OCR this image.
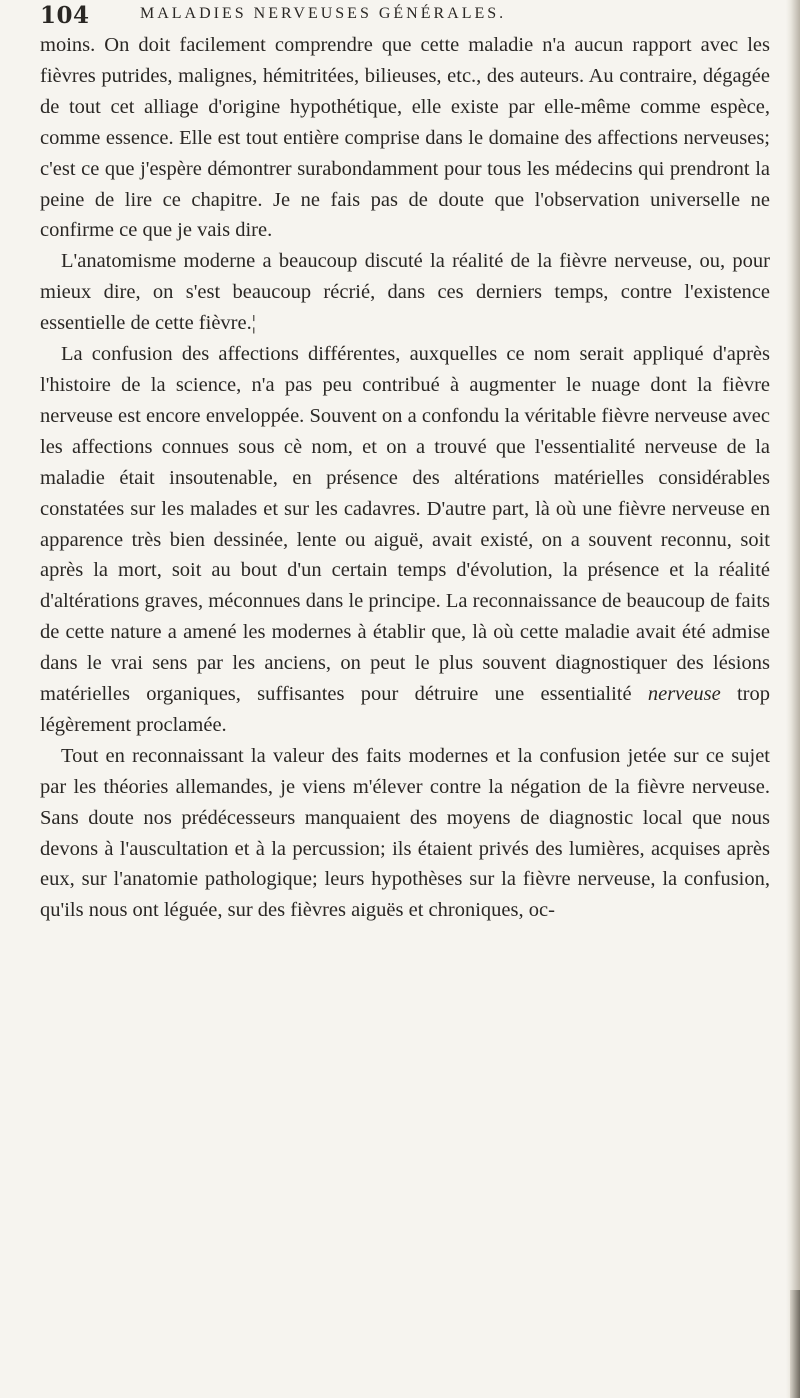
104	MALADIES NERVEUSES GÉNÉRALES.

moins. On doit facilement comprendre que cette maladie n'a aucun rapport avec les fièvres putrides, malignes, hémitritées, bilieuses, etc., des auteurs. Au contraire, dégagée de tout cet alliage d'origine hypothétique, elle existe par elle-même comme espèce, comme essence. Elle est tout entière comprise dans le domaine des affections nerveuses; c'est ce que j'espère démontrer surabondamment pour tous les médecins qui prendront la peine de lire ce chapitre. Je ne fais pas de doute que l'observation universelle ne confirme ce que je vais dire.

L'anatomisme moderne a beaucoup discuté la réalité de la fièvre nerveuse, ou, pour mieux dire, on s'est beaucoup récrié, dans ces derniers temps, contre l'existence essentielle de cette fièvre.¦

La confusion des affections différentes, auxquelles ce nom serait appliqué d'après l'histoire de la science, n'a pas peu contribué à augmenter le nuage dont la fièvre nerveuse est encore enveloppée. Souvent on a confondu la véritable fièvre nerveuse avec les affections connues sous cè nom, et on a trouvé que l'essentialité nerveuse de la maladie était insoutenable, en présence des altérations matérielles considérables constatées sur les malades et sur les cadavres. D'autre part, là où une fièvre nerveuse en apparence très bien dessinée, lente ou aiguë, avait existé, on a souvent reconnu, soit après la mort, soit au bout d'un certain temps d'évolution, la présence et la réalité d'altérations graves, méconnues dans le principe. La reconnaissance de beaucoup de faits de cette nature a amené les modernes à établir que, là où cette maladie avait été admise dans le vrai sens par les anciens, on peut le plus souvent diagnostiquer des lésions matérielles organiques, suffisantes pour détruire une essentialité nerveuse trop légèrement proclamée.

Tout en reconnaissant la valeur des faits modernes et la confusion jetée sur ce sujet par les théories allemandes, je viens m'élever contre la négation de la fièvre nerveuse. Sans doute nos prédécesseurs manquaient des moyens de diagnostic local que nous devons à l'auscultation et à la percussion; ils étaient privés des lumières, acquises après eux, sur l'anatomie pathologique; leurs hypothèses sur la fièvre nerveuse, la confusion, qu'ils nous ont léguée, sur des fièvres aiguës et chroniques, oc-
